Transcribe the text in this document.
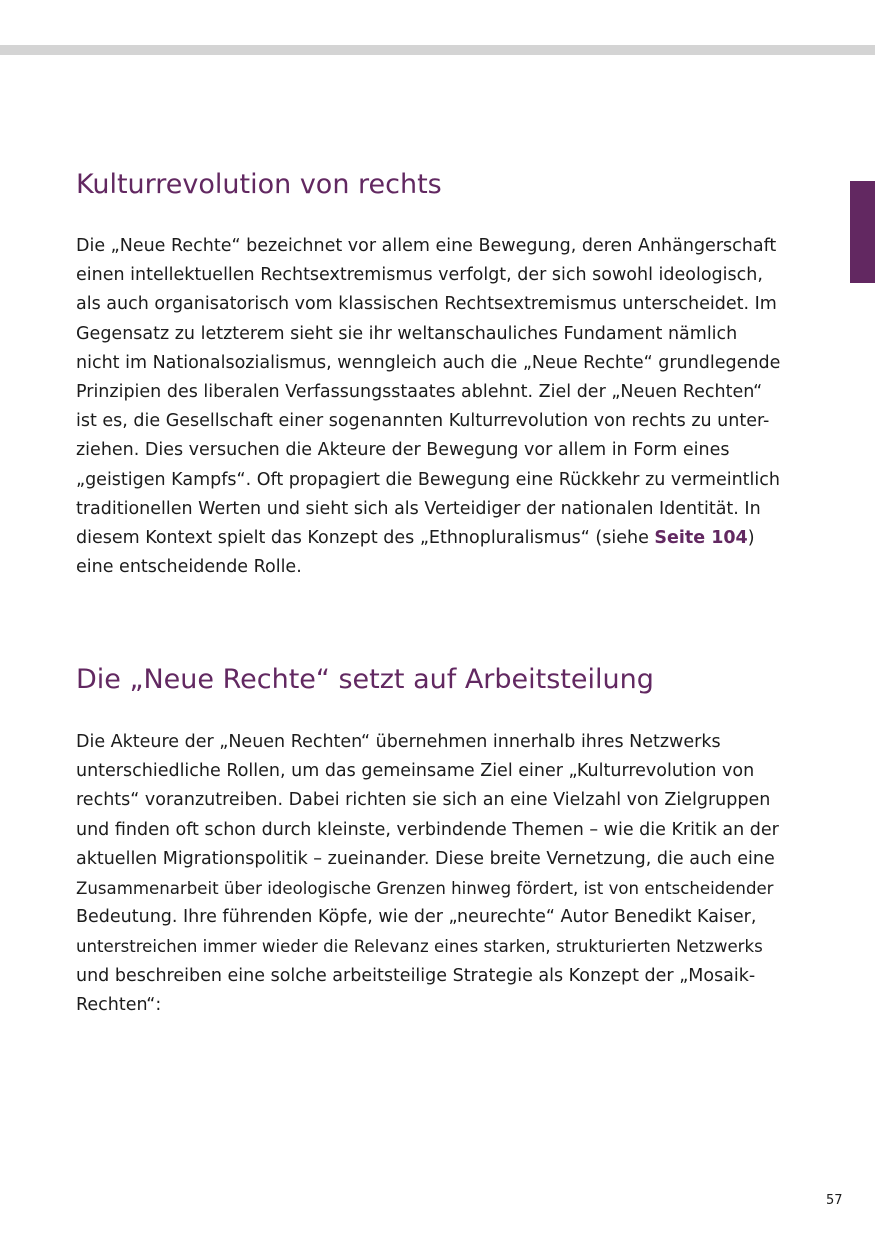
Kulturrevolution von rechts

Die „Neue Rechte“ bezeichnet vor allem eine Bewegung, deren Anhängerschaft
einen intellektuellen Rechtsextremismus verfolgt, der sich sowohl ideologisch,
als auch organisatorisch vom klassischen Rechtsextremismus unterscheidet. Im
Gegensatz zu letzterem sieht sie ihr weltanschauliches Fundament nämlich
nicht im Nationalsozialismus, wenngleich auch die „Neue Rechte“ grundlegende
Prinzipien des liberalen Verfassungsstaates ablehnt. Ziel der „Neuen Rechten“
ist es, die Gesellschaft einer sogenannten Kulturrevolution von rechts zu unter-
ziehen. Dies versuchen die Akteure der Bewegung vor allem in Form eines
„geistigen Kampfs“. Oft propagiert die Bewegung eine Rückkehr zu vermeintlich
traditionellen Werten und sieht sich als Verteidiger der nationalen Identität. In
diesem Kontext spielt das Konzept des „Ethnopluralismus“ (siehe Seite 104)
eine entscheidende Rolle.

Die „Neue Rechte“ setzt auf Arbeitsteilung

Die Akteure der „Neuen Rechten“ übernehmen innerhalb ihres Netzwerks
unterschiedliche Rollen, um das gemeinsame Ziel einer „Kulturrevolution von
rechts“ voranzutreiben. Dabei richten sie sich an eine Vielzahl von Zielgruppen
und finden oft schon durch kleinste, verbindende Themen – wie die Kritik an der
aktuellen Migrationspolitik – zueinander. Diese breite Vernetzung, die auch eine
Zusammenarbeit über ideologische Grenzen hinweg fördert, ist von entscheidender
Bedeutung. Ihre führenden Köpfe, wie der „neurechte“ Autor Benedikt Kaiser,
unterstreichen immer wieder die Relevanz eines starken, strukturierten Netzwerks
und beschreiben eine solche arbeitsteilige Strategie als Konzept der „Mosaik-
Rechten“:

57
